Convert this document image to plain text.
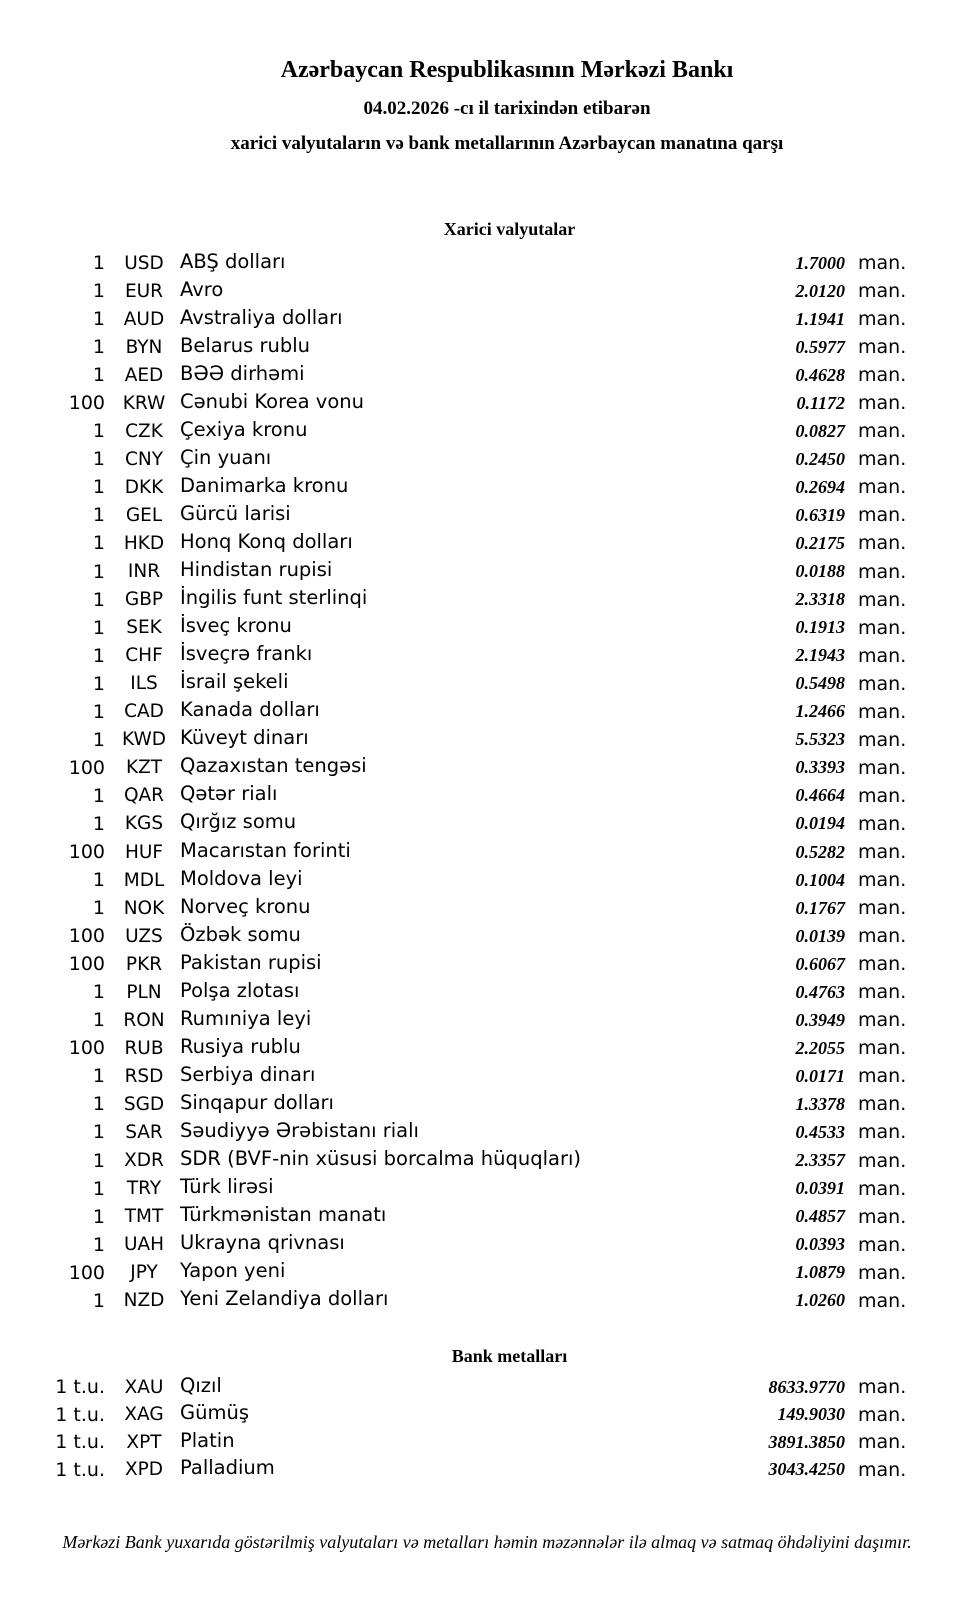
Azərbaycan Respublikasının Mərkəzi Bankı
04.02.2026 -cı il tarixindən etibarən
xarici valyutaların və bank metallarının Azərbaycan manatına qarşı
Xarici valyutalar
1	USD ABŞ dolları	1.7000 man.
1	EUR Avro	2.0120 man.
1	AUD Avstraliya dolları	1.1941 man.
1	BYN Belarus rublu	0.5977 man.
1	AED BƏƏ dirhəmi	0.4628 man.
100 KRW Cənubi Korea vonu	0.1172 man.
1	CZK Çexiya kronu	0.0827 man.
1	CNY Çin yuanı	0.2450 man.
1	DKK Danimarka kronu	0.2694 man.
1	GEL Gürcü larisi	0.6319 man.
1	HKD Honq Konq dolları	0.2175 man.
1	INR	Hindistan rupisi	0.0188 man.
1	GBP İngilis funt sterlinqi	2.3318 man.
1	SEK İsveç kronu	0.1913 man.
1	CHF İsveçrə frankı	2.1943 man.
1	ILS	İsrail şekeli	0.5498 man.
1	CAD Kanada dolları	1.2466 man.
1 KWD Küveyt dinarı	5.5323 man.
100	KZT Qazaxıstan tengəsi	0.3393 man.
1	QAR Qətər rialı	0.4664 man.
1	KGS Qırğız somu	0.0194 man.
100	HUF Macarıstan forinti	0.5282 man.
1	MDL Moldova leyi	0.1004 man.
1	NOK Norveç kronu	0.1767 man.
100	UZS Özbək somu	0.0139 man.
100	PKR Pakistan rupisi	0.6067 man.
1	PLN Polşa zlotası	0.4763 man.
1 RON Rumıniya leyi	0.3949 man.
100	RUB Rusiya rublu	2.2055 man.
1	RSD Serbiya dinarı	0.0171 man.
1	SGD Sinqapur dolları	1.3378 man.
1	SAR Səudiyyə Ərəbistanı rialı	0.4533 man.
1	XDR SDR (BVF-nin xüsusi borcalma hüquqları)	2.3357 man.
1	TRY Türk lirəsi	0.0391 man.
1	TMT Türkmənistan manatı	0.4857 man.
1	UAH Ukrayna qrivnası	0.0393 man.
100	JPY	Yapon yeni	1.0879 man.
1	NZD Yeni Zelandiya dolları	1.0260 man.
Bank metalları
1 t.u.	XAU Qızıl	8633.9770 man.
1 t.u.	XAG Gümüş	149.9030 man.
1 t.u.	XPT Platin	3891.3850 man.
1 t.u.	XPD Palladium	3043.4250 man.
Mərkəzi Bank yuxarıda göstərilmiş valyutaları və metalları həmin məzənnələr ilə almaq və satmaq öhdəliyini daşımır.
